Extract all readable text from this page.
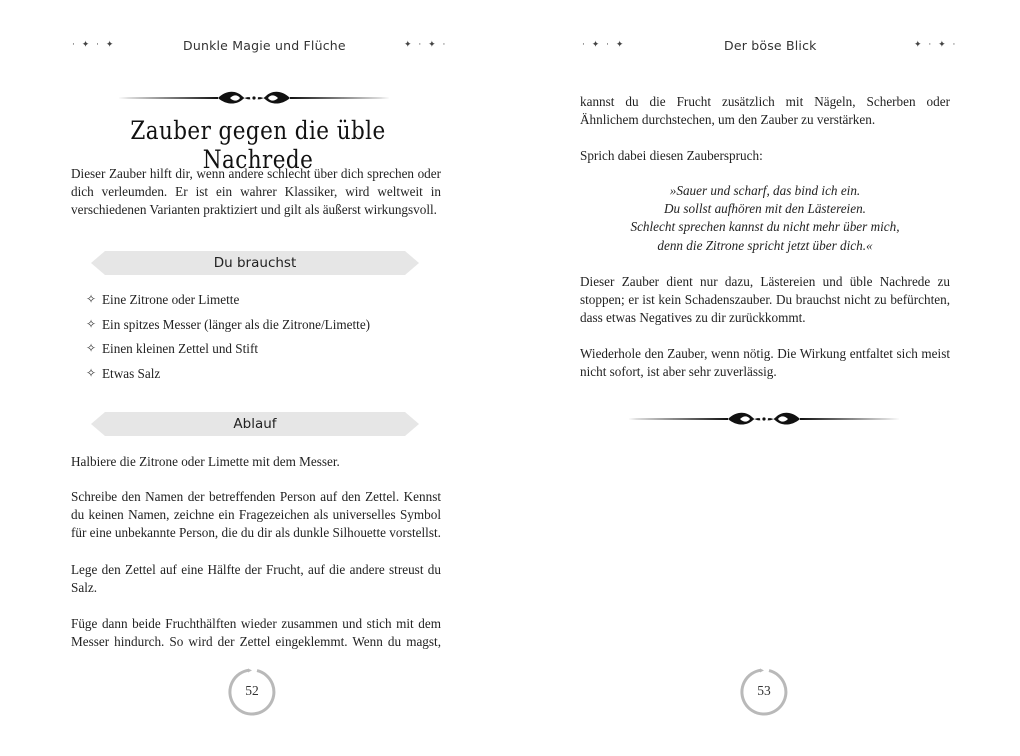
· ✦ · ✦	Dunkle Magie und Flüche	✦ · ✦ ·
Zauber gegen die üble Nachrede

Dieser Zauber hilft dir, wenn andere schlecht über dich sprechen oder dich verleumden. Er ist ein wahrer Klassiker, wird weltweit in verschiedenen Varianten praktiziert und gilt als äußerst wirkungsvoll.

Du brauchst
✧ Eine Zitrone oder Limette
✧ Ein spitzes Messer (länger als die Zitrone/Limette)
✧ Einen kleinen Zettel und Stift
✧ Etwas Salz
Ablauf

Halbiere die Zitrone oder Limette mit dem Messer.

Schreibe den Namen der betreffenden Person auf den Zettel. Kennst du keinen Namen, zeichne ein Fragezeichen als universelles Symbol für eine unbekannte Person, die du dir als dunkle Silhouette vorstellst.

Lege den Zettel auf eine Hälfte der Frucht, auf die andere streust du Salz.

Füge dann beide Fruchthälften wieder zusammen und stich mit dem Messer hindurch. So wird der Zettel eingeklemmt. Wenn du magst,

52
· ✦ · ✦	Der böse Blick	✦ · ✦ ·

kannst du die Frucht zusätzlich mit Nägeln, Scherben oder Ähnlichem durchstechen, um den Zauber zu verstärken.

Sprich dabei diesen Zauberspruch:

»Sauer und scharf, das bind ich ein.
Du sollst aufhören mit den Lästereien.
Schlecht sprechen kannst du nicht mehr über mich,
denn die Zitrone spricht jetzt über dich.«

Dieser Zauber dient nur dazu, Lästereien und üble Nachrede zu stoppen; er ist kein Schadenszauber. Du brauchst nicht zu befürchten, dass etwas Negatives zu dir zurückkommt.

Wiederhole den Zauber, wenn nötig. Die Wirkung entfaltet sich meist nicht sofort, ist aber sehr zuverlässig.

53
